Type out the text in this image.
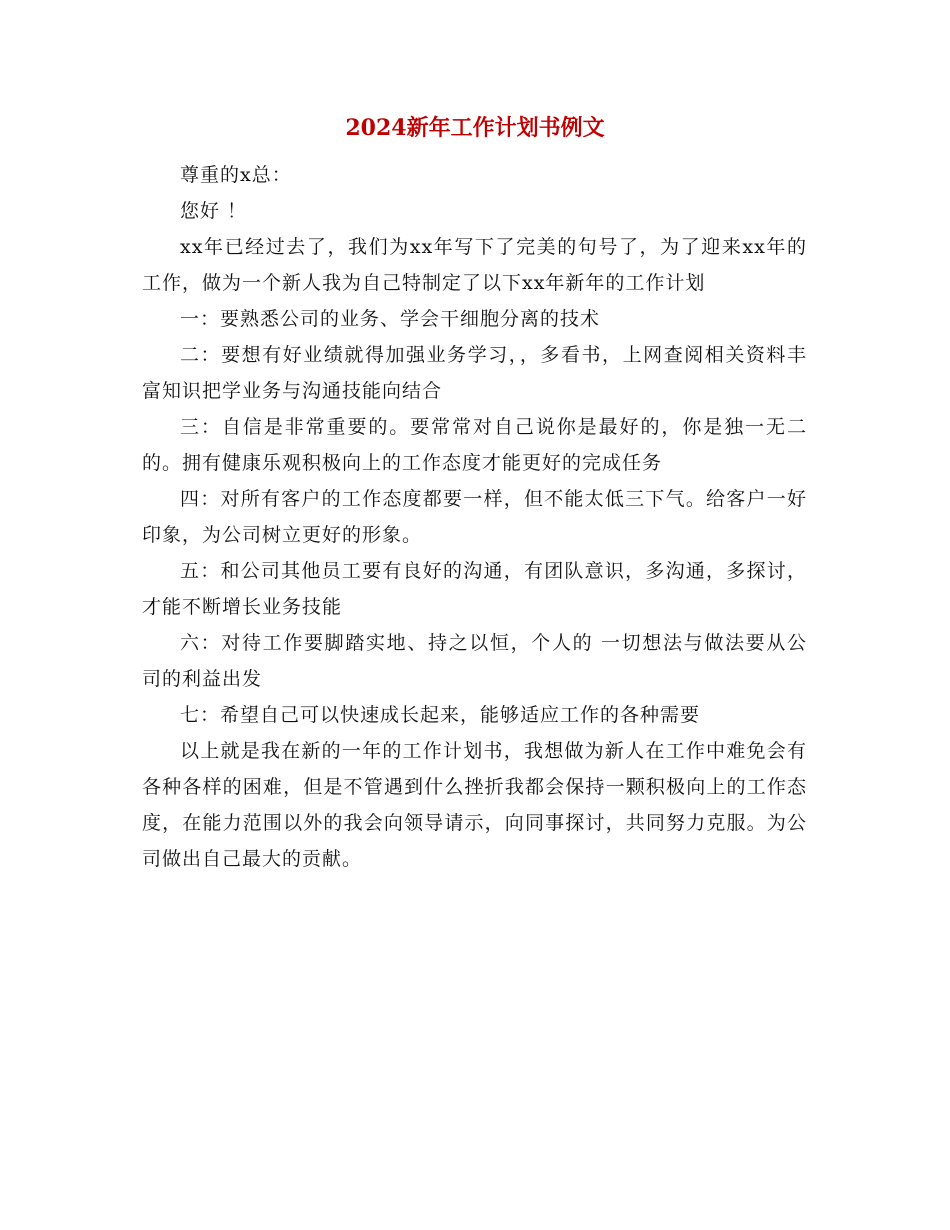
2024新年工作计划书例文

尊重的x总：

您好 ！

xx年已经过去了，我们为xx年写下了完美的句号了，为了迎来xx年的工作，做为一个新人我为自己特制定了以下xx年新年的工作计划

一：要熟悉公司的业务、学会干细胞分离的技术

二：要想有好业绩就得加强业务学习，，多看书，上网查阅相关资料丰富知识把学业务与沟通技能向结合

三：自信是非常重要的。要常常对自己说你是最好的，你是独一无二的。拥有健康乐观积极向上的工作态度才能更好的完成任务

四：对所有客户的工作态度都要一样，但不能太低三下气。给客户一好印象，为公司树立更好的形象。

五：和公司其他员工要有良好的沟通，有团队意识，多沟通，多探讨，才能不断增长业务技能

六：对待工作要脚踏实地、持之以恒，个人的 一切想法与做法要从公司的利益出发

七：希望自己可以快速成长起来，能够适应工作的各种需要

以上就是我在新的一年的工作计划书，我想做为新人在工作中难免会有各种各样的困难，但是不管遇到什么挫折我都会保持一颗积极向上的工作态度，在能力范围以外的我会向领导请示，向同事探讨，共同努力克服。为公司做出自己最大的贡献。
